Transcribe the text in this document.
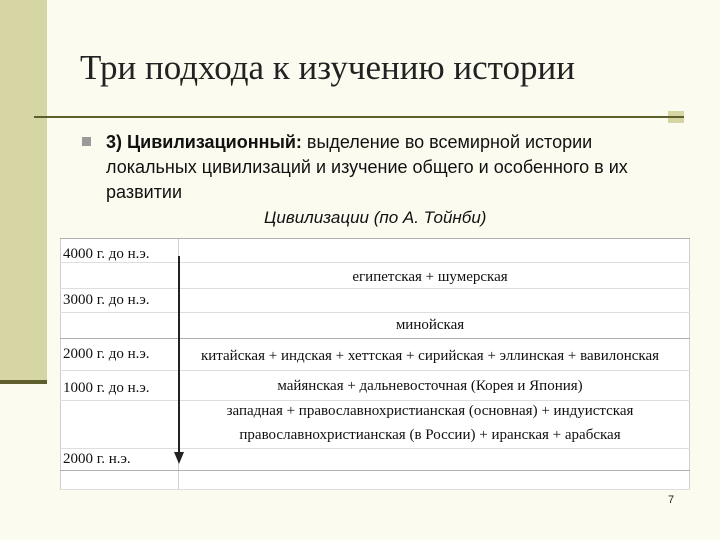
Три подхода к изучению истории

3) Цивилизационный: выделение во всемирной истории локальных цивилизаций и изучение общего и особенного в их развитии

Цивилизации (по А. Тойнби)
4000 г. до н.э.
3000 г. до н.э.
2000 г. до н.э.
1000 г. до н.э.
2000 г. н.э.
египетская + шумерская
минойская
китайская + индская + хеттская + сирийская + эллинская + вавилонская
майянская + дальневосточная (Корея и Япония)
западная + православнохристианская (основная) + индуистская
православнохристианская (в России) + иранская + арабская
7
